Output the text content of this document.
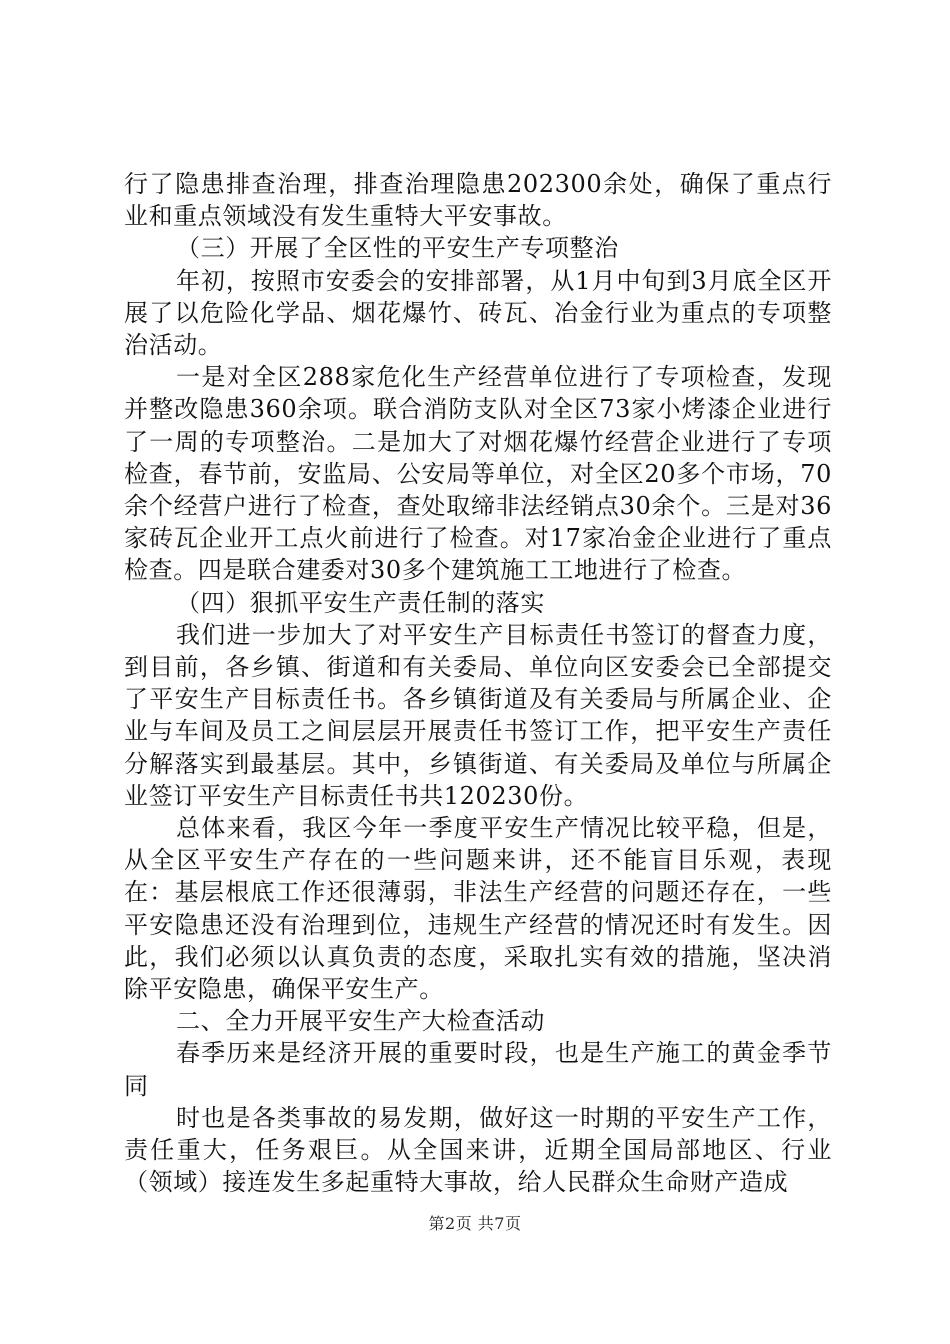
行了隐患排查治理，排查治理隐患202300余处，确保了重点行业和重点领域没有发生重特大平安事故。

（三）开展了全区性的平安生产专项整治

年初，按照市安委会的安排部署，从1月中旬到3月底全区开展了以危险化学品、烟花爆竹、砖瓦、冶金行业为重点的专项整治活动。

一是对全区288家危化生产经营单位进行了专项检查，发现并整改隐患360余项。联合消防支队对全区73家小烤漆企业进行了一周的专项整治。二是加大了对烟花爆竹经营企业进行了专项检查，春节前，安监局、公安局等单位，对全区20多个市场，70余个经营户进行了检查，查处取缔非法经销点30余个。三是对36家砖瓦企业开工点火前进行了检查。对17家冶金企业进行了重点检查。四是联合建委对30多个建筑施工工地进行了检查。

（四）狠抓平安生产责任制的落实

我们进一步加大了对平安生产目标责任书签订的督查力度，到目前，各乡镇、街道和有关委局、单位向区安委会已全部提交了平安生产目标责任书。各乡镇街道及有关委局与所属企业、企业与车间及员工之间层层开展责任书签订工作，把平安生产责任分解落实到最基层。其中，乡镇街道、有关委局及单位与所属企业签订平安生产目标责任书共120230份。

总体来看，我区今年一季度平安生产情况比较平稳，但是，从全区平安生产存在的一些问题来讲，还不能盲目乐观，表现在：基层根底工作还很薄弱，非法生产经营的问题还存在，一些平安隐患还没有治理到位，违规生产经营的情况还时有发生。因此，我们必须以认真负责的态度，采取扎实有效的措施，坚决消除平安隐患，确保平安生产。

二、全力开展平安生产大检查活动

春季历来是经济开展的重要时段，也是生产施工的黄金季节同

时也是各类事故的易发期，做好这一时期的平安生产工作，责任重大，任务艰巨。从全国来讲，近期全国局部地区、行业（领域）接连发生多起重特大事故，给人民群众生命财产造成

第2页 共7页
